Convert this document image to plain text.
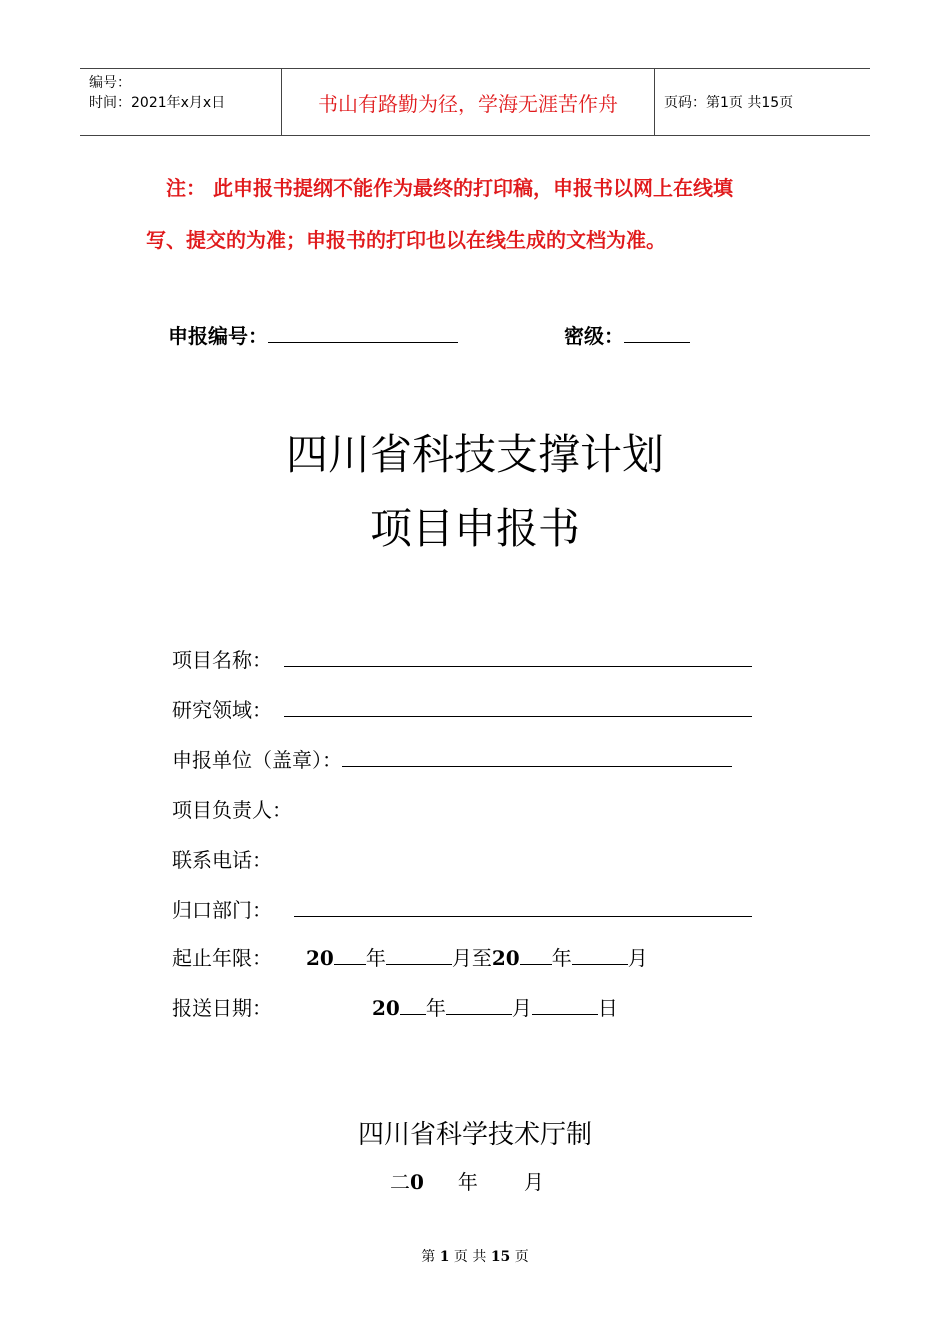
编号：
时间：2021年x月x日	书山有路勤为径，学海无涯苦作舟	页码：第1页 共15页
注： 此申报书提纲不能作为最终的打印稿，申报书以网上在线填
写、提交的为准；申报书的打印也以在线生成的文档为准。
申报编号：	密级：
四川省科技支撑计划
项目申报书
项目名称：
研究领域：
申报单位（盖章）：
项目负责人：
联系电话：
归口部门：
起止年限： 20 年	月至20 年	月
报送日期：	20 年	月	日
四川省科学技术厅制
二0 年 月
第 1 页 共 15 页
